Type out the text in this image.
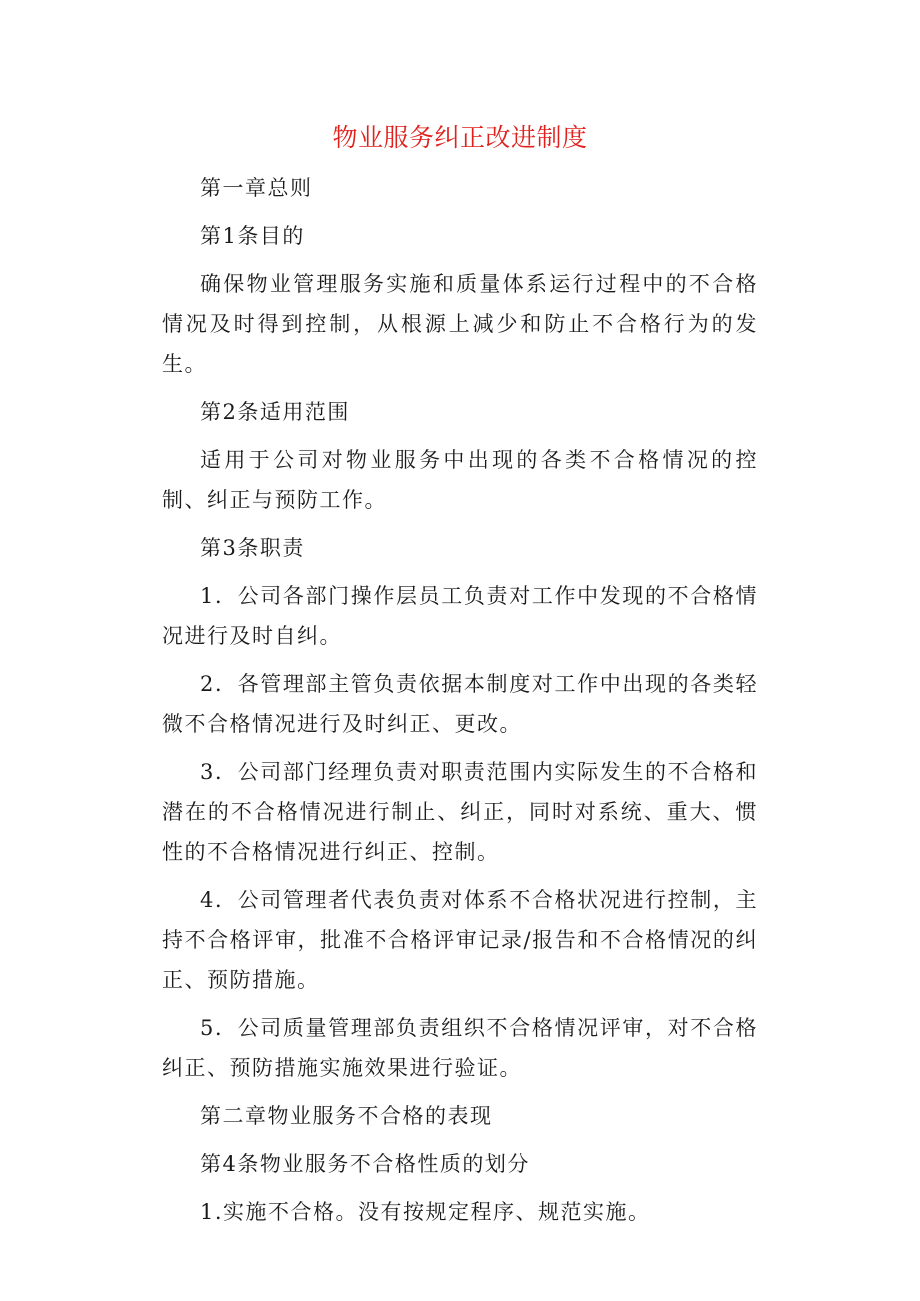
物业服务纠正改进制度

第一章总则

第1条目的

确保物业管理服务实施和质量体系运行过程中的不合格情况及时得到控制，从根源上减少和防止不合格行为的发生。

第2条适用范围

适用于公司对物业服务中出现的各类不合格情况的控制、纠正与预防工作。

第3条职责

1．公司各部门操作层员工负责对工作中发现的不合格情况进行及时自纠。

2．各管理部主管负责依据本制度对工作中出现的各类轻微不合格情况进行及时纠正、更改。

3．公司部门经理负责对职责范围内实际发生的不合格和潜在的不合格情况进行制止、纠正，同时对系统、重大、惯性的不合格情况进行纠正、控制。

4．公司管理者代表负责对体系不合格状况进行控制，主持不合格评审，批准不合格评审记录/报告和不合格情况的纠正、预防措施。

5．公司质量管理部负责组织不合格情况评审，对不合格纠正、预防措施实施效果进行验证。

第二章物业服务不合格的表现

第4条物业服务不合格性质的划分

1.实施不合格。没有按规定程序、规范实施。
